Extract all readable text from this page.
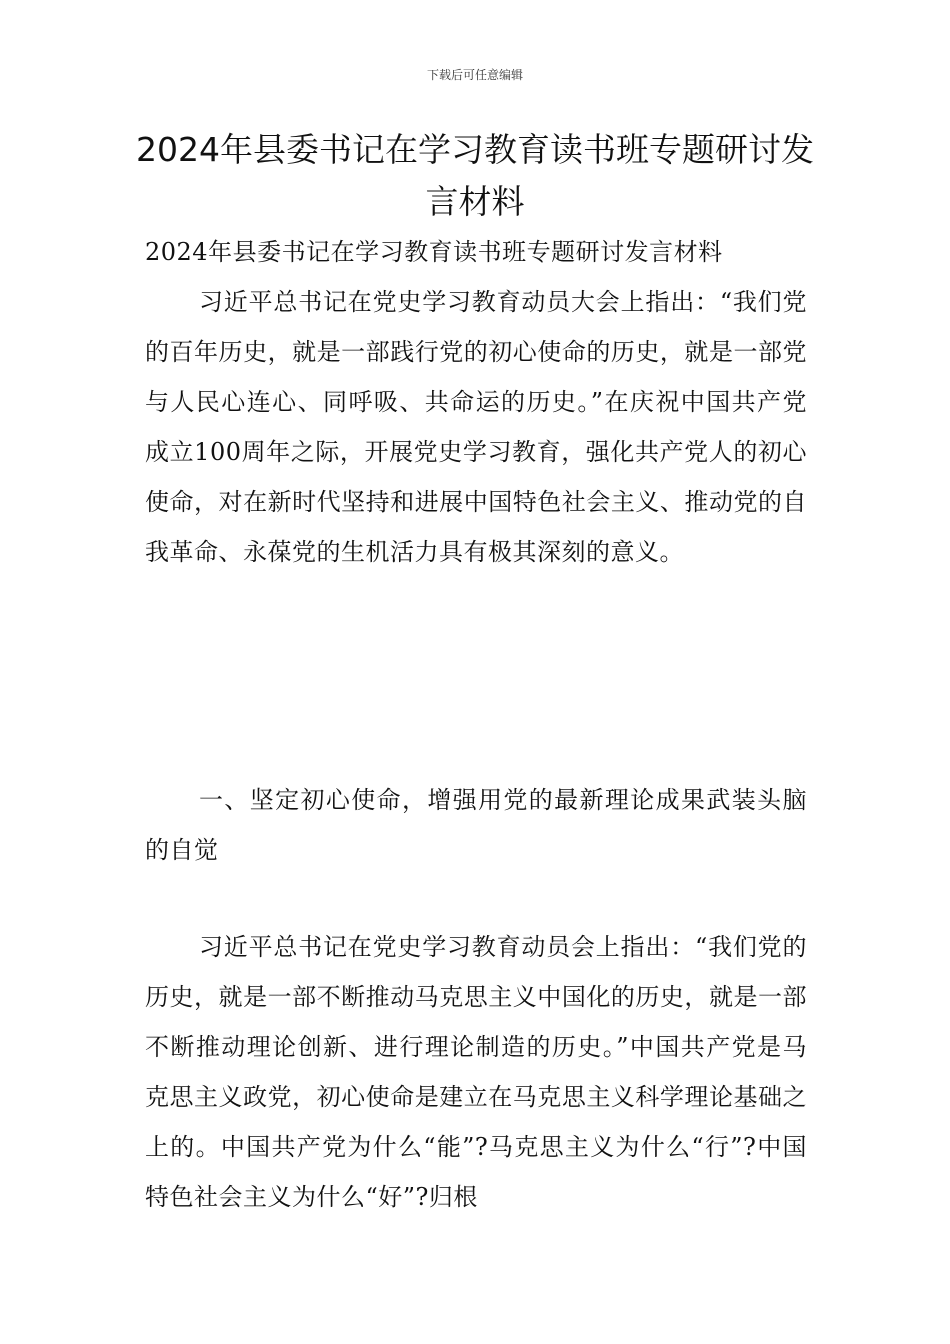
下载后可任意编辑
2024年县委书记在学习教育读书班专题研讨发言材料

2024年县委书记在学习教育读书班专题研讨发言材料

习近平总书记在党史学习教育动员大会上指出：“我们党的百年历史，就是一部践行党的初心使命的历史，就是一部党与人民心连心、同呼吸、共命运的历史。”在庆祝中国共产党成立100周年之际，开展党史学习教育，强化共产党人的初心使命，对在新时代坚持和进展中国特色社会主义、推动党的自我革命、永葆党的生机活力具有极其深刻的意义。

一、坚定初心使命，增强用党的最新理论成果武装头脑的自觉

习近平总书记在党史学习教育动员会上指出：“我们党的历史，就是一部不断推动马克思主义中国化的历史，就是一部不断推动理论创新、进行理论制造的历史。”中国共产党是马克思主义政党，初心使命是建立在马克思主义科学理论基础之上的。中国共产党为什么“能”?马克思主义为什么“行”?中国特色社会主义为什么“好”?归根
